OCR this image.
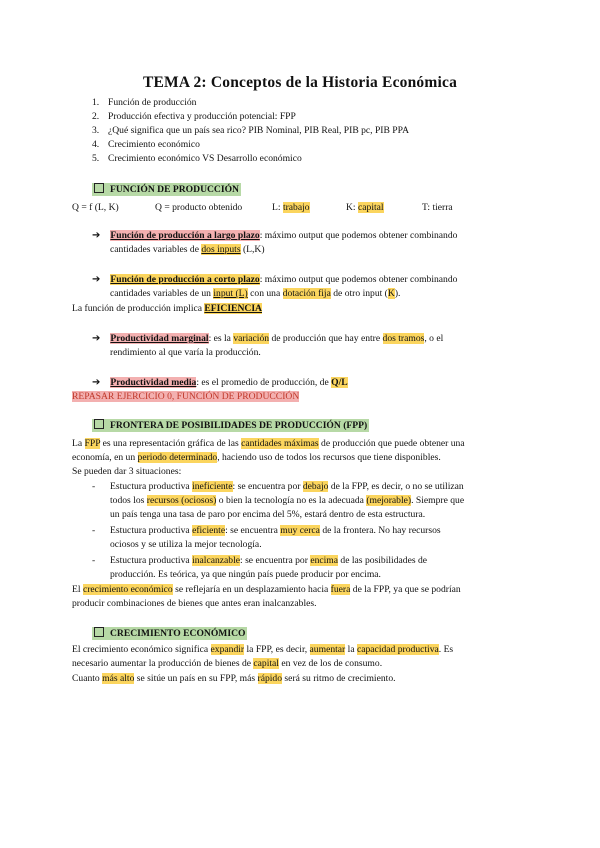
TEMA 2: Conceptos de la Historia Económica
1. Función de producción
2. Producción efectiva y producción potencial: FPP
3. ¿Qué significa que un país sea rico? PIB Nominal, PIB Real, PIB pc, PIB PPA
4. Crecimiento económico
5. Crecimiento económico VS Desarrollo económico
FUNCIÓN DE PRODUCCIÓN
Q = f (L, K)	Q = producto obtenido	L: trabajo	K: capital	T: tierra
➔ Función de producción a largo plazo: máximo output que podemos obtener combinando
cantidades variables de dos inputs (L,K)
➔ Función de producción a corto plazo: máximo output que podemos obtener combinando
cantidades variables de un input (L) con una dotación fija de otro input (K).
La función de producción implica EFICIENCIA
➔ Productividad marginal: es la variación de producción que hay entre dos tramos, o el
rendimiento al que varía la producción.
➔ Productividad media: es el promedio de producción, de Q/L
REPASAR EJERCICIO 0, FUNCIÓN DE PRODUCCIÓN
FRONTERA DE POSIBILIDADES DE PRODUCCIÓN (FPP)
La FPP es una representación gráfica de las cantidades máximas de producción que puede obtener una
economía, en un periodo determinado, haciendo uso de todos los recursos que tiene disponibles.
Se pueden dar 3 situaciones:
- Estuctura productiva ineficiente: se encuentra por debajo de la FPP, es decir, o no se utilizan
todos los recursos (ociosos) o bien la tecnología no es la adecuada (mejorable). Siempre que
un país tenga una tasa de paro por encima del 5%, estará dentro de esta estructura.
- Estuctura productiva eficiente: se encuentra muy cerca de la frontera. No hay recursos
ociosos y se utiliza la mejor tecnología.
- Estuctura productiva inalcanzable: se encuentra por encima de las posibilidades de
producción. Es teórica, ya que ningún país puede producir por encima.
El crecimiento económico se reflejaría en un desplazamiento hacia fuera de la FPP, ya que se podrían
producir combinaciones de bienes que antes eran inalcanzables.
CRECIMIENTO ECONÓMICO
El crecimiento económico significa expandir la FPP, es decir, aumentar la capacidad productiva. Es
necesario aumentar la producción de bienes de capital en vez de los de consumo.
Cuanto más alto se sitúe un país en su FPP, más rápido será su ritmo de crecimiento.
